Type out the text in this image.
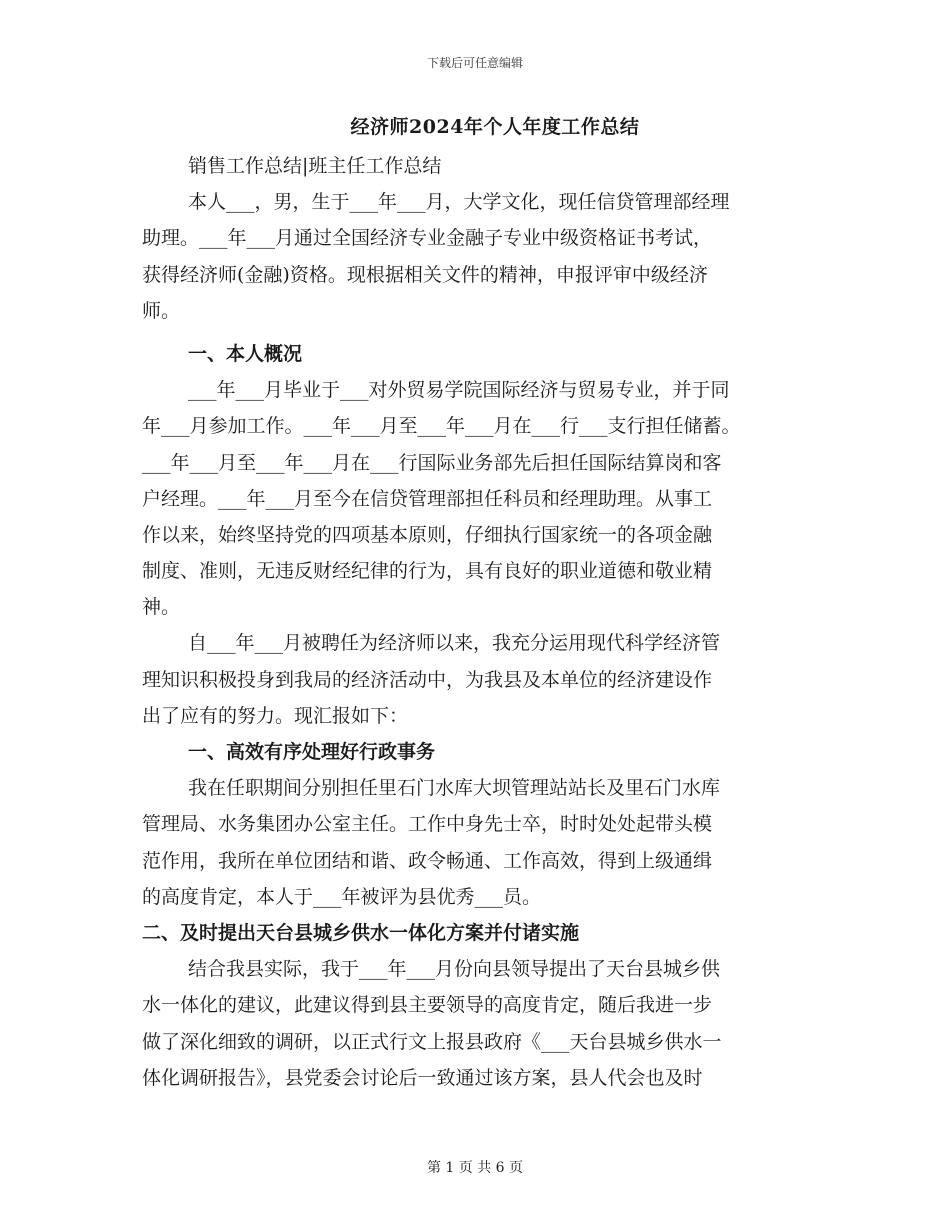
下载后可任意编辑
经济师2024年个人年度工作总结
销售工作总结|班主任工作总结
本人___，男，生于___年___月，大学文化，现任信贷管理部经理
助理。___年___月通过全国经济专业金融子专业中级资格证书考试，
获得经济师(金融)资格。现根据相关文件的精神，申报评审中级经济
师。
一、本人概况
___年___月毕业于___对外贸易学院国际经济与贸易专业，并于同
年___月参加工作。___年___月至___年___月在___行___支行担任储蓄。
___年___月至___年___月在___行国际业务部先后担任国际结算岗和客
户经理。___年___月至今在信贷管理部担任科员和经理助理。从事工
作以来，始终坚持党的四项基本原则，仔细执行国家统一的各项金融
制度、准则，无违反财经纪律的行为，具有良好的职业道德和敬业精
神。
自___年___月被聘任为经济师以来，我充分运用现代科学经济管
理知识积极投身到我局的经济活动中，为我县及本单位的经济建设作
出了应有的努力。现汇报如下：
一、高效有序处理好行政事务
我在任职期间分别担任里石门水库大坝管理站站长及里石门水库
管理局、水务集团办公室主任。工作中身先士卒，时时处处起带头模
范作用，我所在单位团结和谐、政令畅通、工作高效，得到上级通缉
的高度肯定，本人于___年被评为县优秀___员。
二、及时提出天台县城乡供水一体化方案并付诸实施
结合我县实际，我于___年___月份向县领导提出了天台县城乡供
水一体化的建议，此建议得到县主要领导的高度肯定，随后我进一步
做了深化细致的调研，以正式行文上报县政府《___天台县城乡供水一
体化调研报告》，县党委会讨论后一致通过该方案，县人代会也及时
第 1 页 共 6 页
